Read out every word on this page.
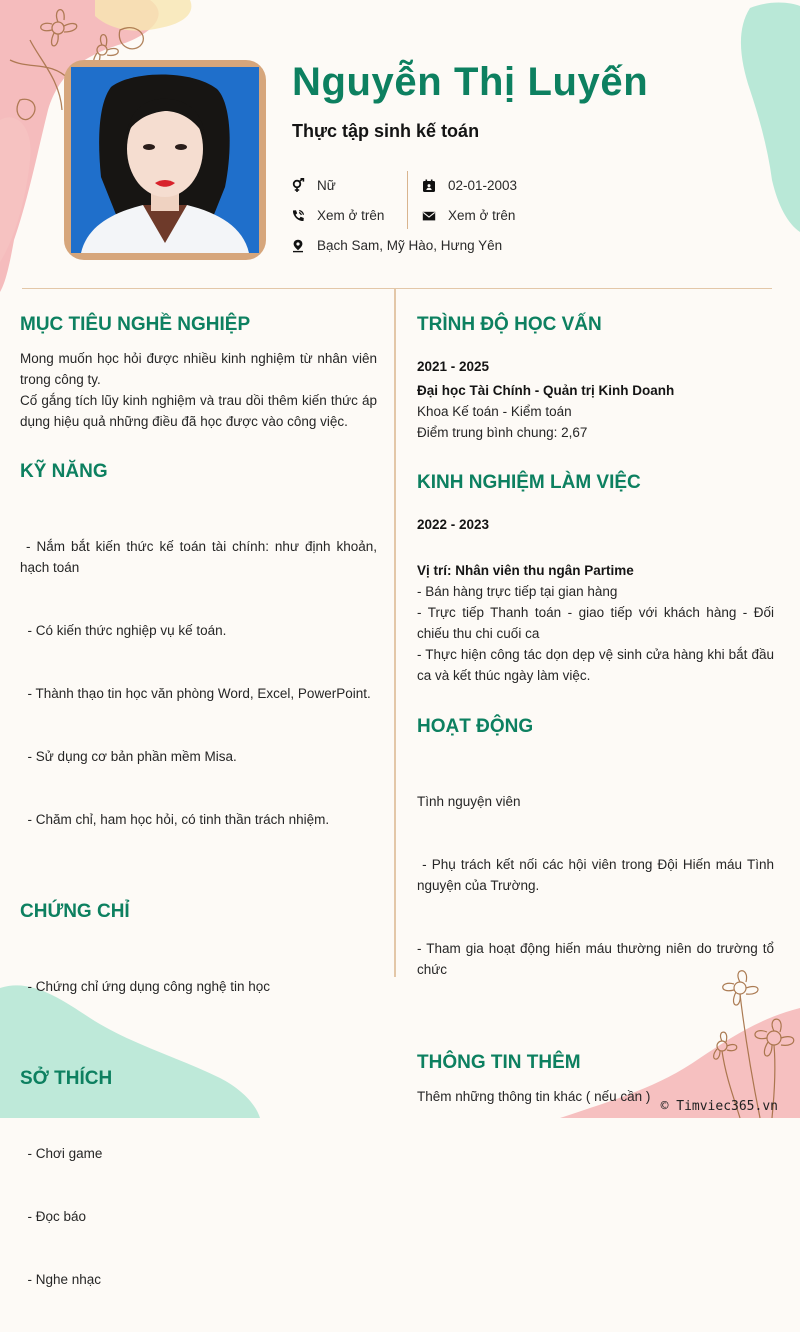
Nguyễn Thị Luyến
Thực tập sinh kế toán
Nữ
Xem ở trên
Bạch Sam, Mỹ Hào, Hưng Yên
02-01-2003
Xem ở trên
MỤC TIÊU NGHỀ NGHIỆP
Mong muốn học hỏi được nhiều kinh nghiệm từ nhân viên trong công ty.
Cố gắng tích lũy kinh nghiệm và trau dồi thêm kiến thức áp dụng hiệu quả những điều đã học được vào công việc.
KỸ NĂNG

- Nắm bắt kiến thức kế toán tài chính: như định khoản, hạch toán

- Có kiến thức nghiệp vụ kế toán.

- Thành thạo tin học văn phòng Word, Excel, PowerPoint.

- Sử dụng cơ bản phần mềm Misa.

- Chăm chỉ, ham học hỏi, có tinh thần trách nhiệm.

CHỨNG CHỈ

- Chứng chỉ ứng dụng công nghệ tin học

SỞ THÍCH

- Chơi game

- Đọc báo

- Nghe nhạc

TRÌNH ĐỘ HỌC VẤN
2021 - 2025
Đại học Tài Chính - Quản trị Kinh Doanh
Khoa Kế toán - Kiểm toán
Điểm trung bình chung: 2,67
KINH NGHIỆM LÀM VIỆC
2022 - 2023
Vị trí: Nhân viên thu ngân Partime
- Bán hàng trực tiếp tại gian hàng
- Trực tiếp Thanh toán - giao tiếp với khách hàng - Đối chiếu thu chi cuối ca
- Thực hiện công tác dọn dẹp vệ sinh cửa hàng khi bắt đầu ca và kết thúc ngày làm việc.
HOẠT ĐỘNG

Tình nguyện viên

- Phụ trách kết nối các hội viên trong Đội Hiến máu Tình nguyện của Trường.

- Tham gia hoạt động hiến máu thường niên do trường tổ chức

THÔNG TIN THÊM
Thêm những thông tin khác ( nếu cần )
© Timviec365.vn
